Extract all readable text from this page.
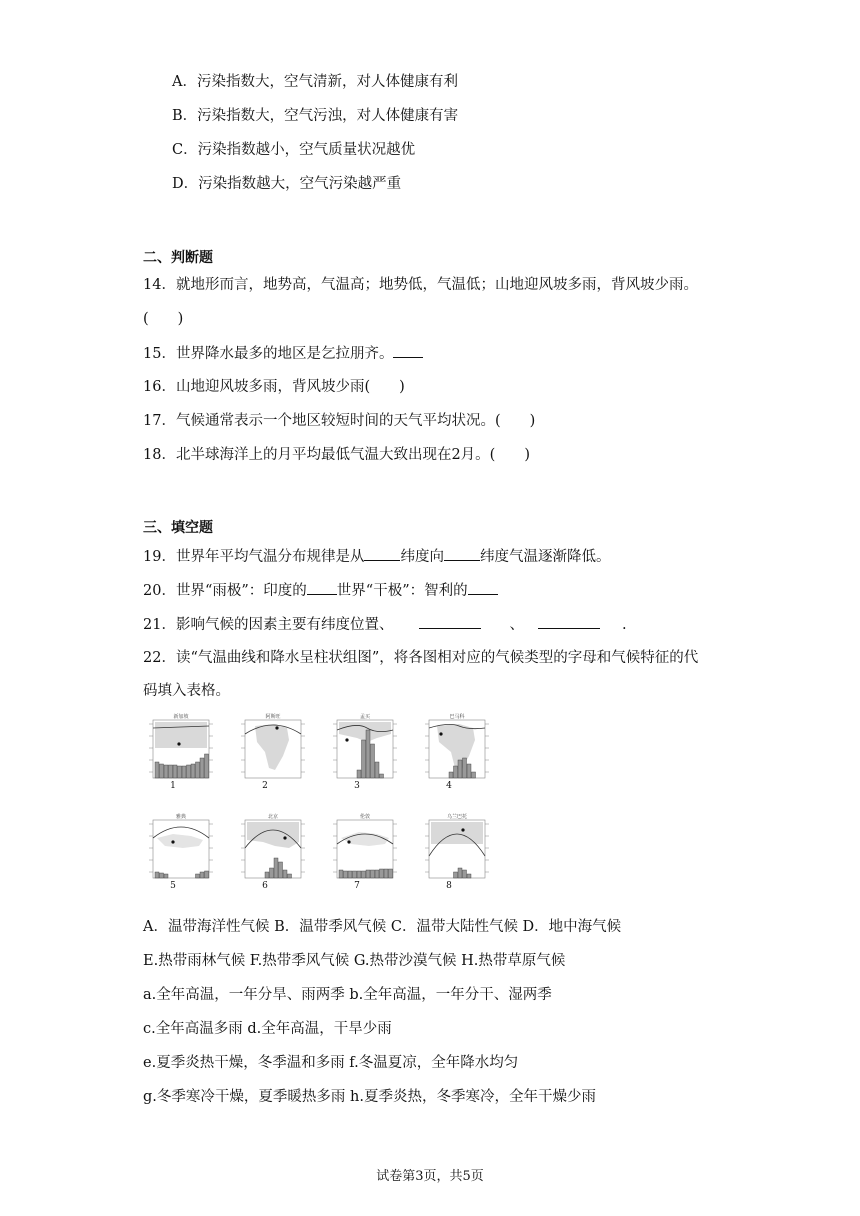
A．污染指数大，空气清新，对人体健康有利
B．污染指数大，空气污浊，对人体健康有害
C．污染指数越小，空气质量状况越优
D．污染指数越大，空气污染越严重
二、判断题
14．就地形而言，地势高，气温高；地势低，气温低；山地迎风坡多雨，背风坡少雨。
(　　)
15．世界降水最多的地区是乞拉朋齐。
16．山地迎风坡多雨，背风坡少雨(　　)
17．气候通常表示一个地区较短时间的天气平均状况。(　　)
18．北半球海洋上的月平均最低气温大致出现在2月。(　　)
三、填空题
19．世界年平均气温分布规律是从 纬度向 纬度气温逐渐降低。
20．世界“雨极”：印度的 世界“干极”：智利的
21．影响气候的因素主要有纬度位置、	、	.
22．读“气温曲线和降水呈柱状组图”，将各图相对应的气候类型的字母和气候特征的代
码填入表格。
新加坡
1
阿斯旺
2
孟买
3
巴马科
4
雅典
5
北京
6
伦敦
7
乌兰巴托
8
A．温带海洋性气候 B．温带季风气候 C．温带大陆性气候 D．地中海气候
E.热带雨林气候 F.热带季风气候 G.热带沙漠气候 H.热带草原气候
a.全年高温，一年分旱、雨两季 b.全年高温，一年分干、湿两季
c.全年高温多雨 d.全年高温，干旱少雨
e.夏季炎热干燥，冬季温和多雨 f.冬温夏凉，全年降水均匀
g.冬季寒冷干燥，夏季暖热多雨 h.夏季炎热，冬季寒冷，全年干燥少雨
试卷第3页，共5页
